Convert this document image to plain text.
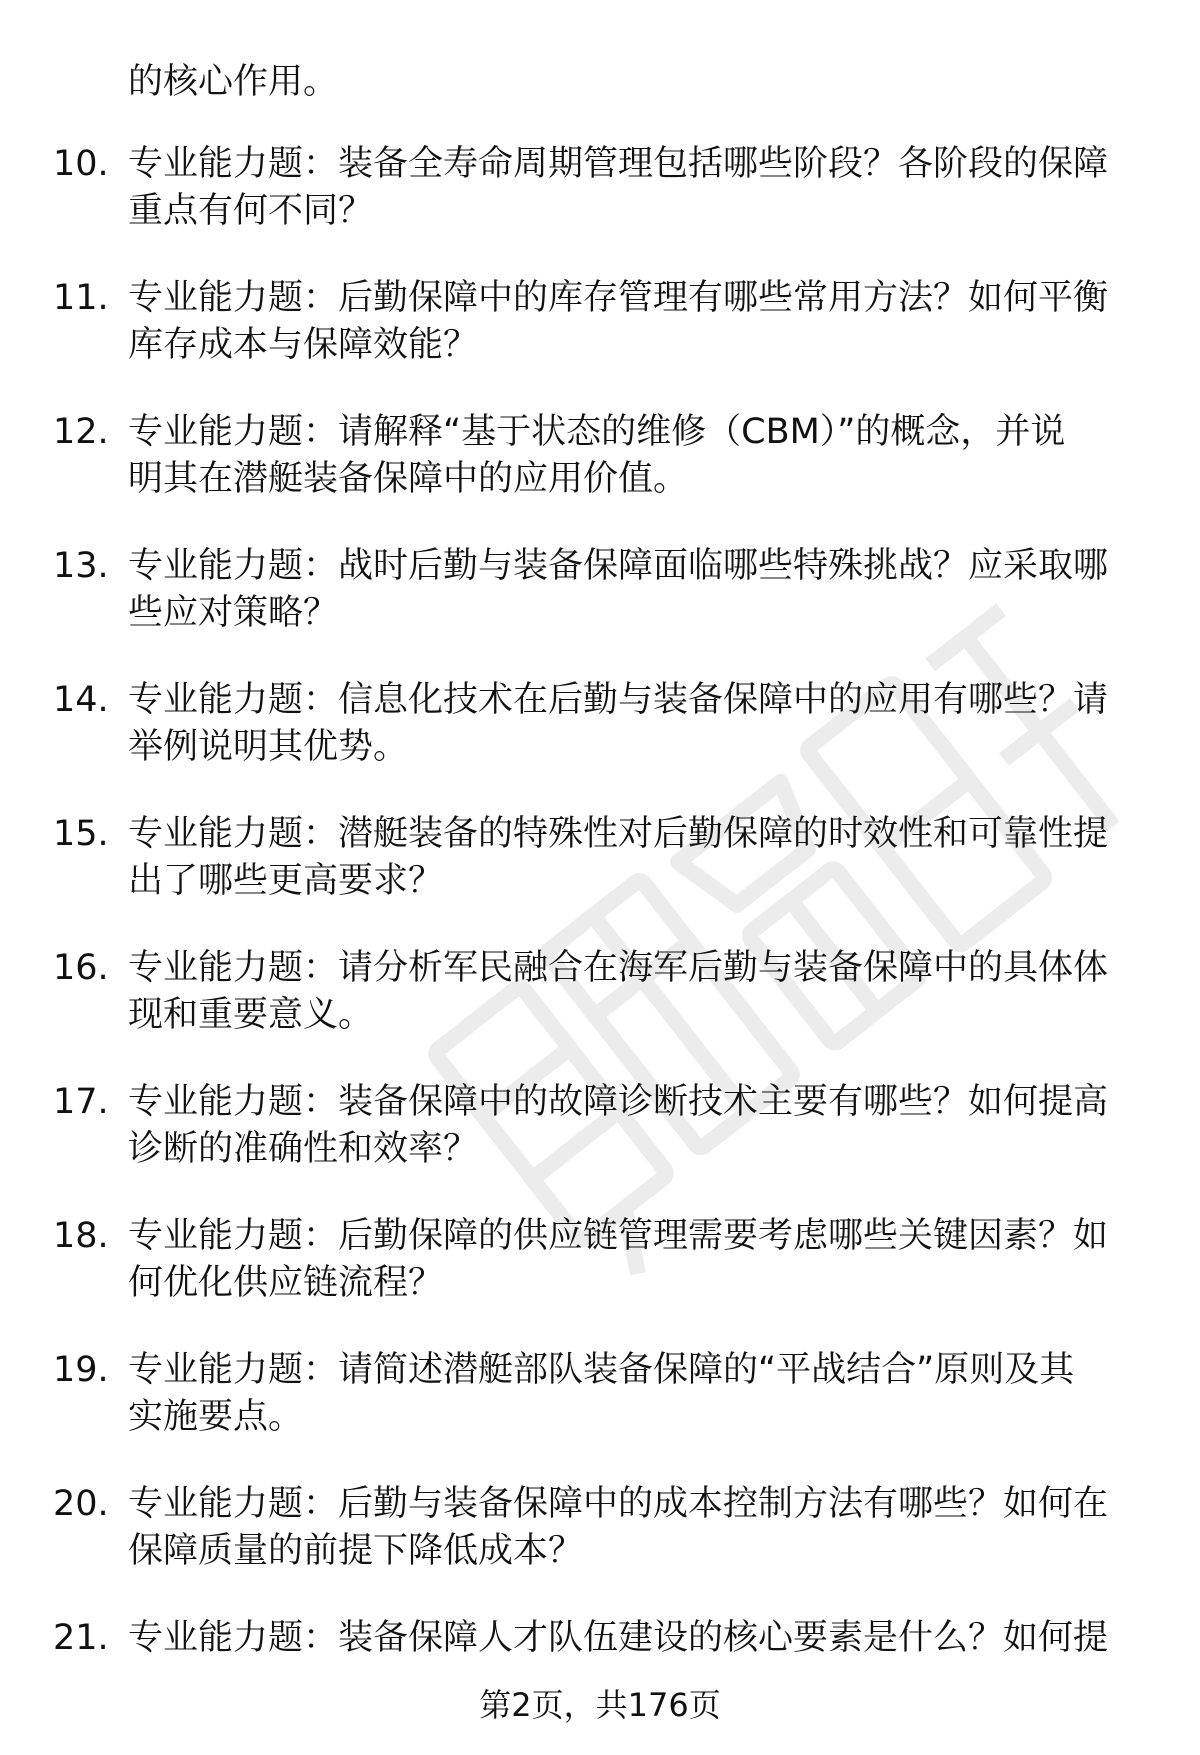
的核心作用。
10. 专业能力题：装备全寿命周期管理包括哪些阶段？各阶段的保障
重点有何不同？
11. 专业能力题：后勤保障中的库存管理有哪些常用方法？如何平衡
库存成本与保障效能？
12. 专业能力题：请解释“基于状态的维修（CBM）”的概念，并说
明其在潜艇装备保障中的应用价值。
13. 专业能力题：战时后勤与装备保障面临哪些特殊挑战？应采取哪
些应对策略？
14. 专业能力题：信息化技术在后勤与装备保障中的应用有哪些？请
举例说明其优势。
15. 专业能力题：潜艇装备的特殊性对后勤保障的时效性和可靠性提
出了哪些更高要求？
16. 专业能力题：请分析军民融合在海军后勤与装备保障中的具体体
现和重要意义。
17. 专业能力题：装备保障中的故障诊断技术主要有哪些？如何提高
诊断的准确性和效率？
18. 专业能力题：后勤保障的供应链管理需要考虑哪些关键因素？如
何优化供应链流程？
19. 专业能力题：请简述潜艇部队装备保障的“平战结合”原则及其
实施要点。
20. 专业能力题：后勤与装备保障中的成本控制方法有哪些？如何在
保障质量的前提下降低成本？
21. 专业能力题：装备保障人才队伍建设的核心要素是什么？如何提
第2页，共176页
